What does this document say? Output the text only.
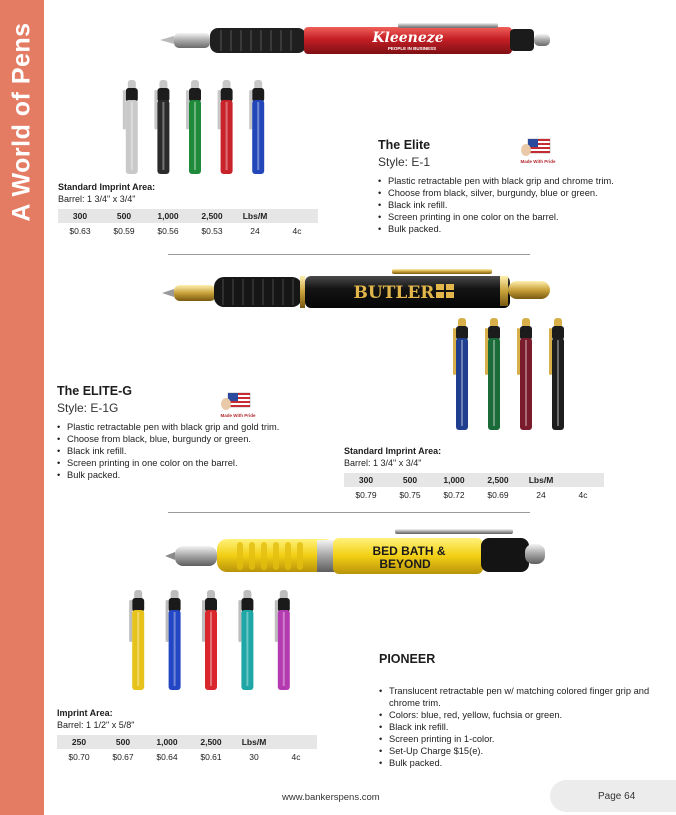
A World of Pens	Kleeneze
PEOPLE IN BUSINESS
The Elite
Style: E-1
• Plastic retractable pen with black grip and chrome trim.
• Choose from black, silver, burgundy, blue or green.
• Black ink refill.
• Screen printing in one color on the barrel.
• Bulk packed.
Made With Pride
Standard Imprint Area:
Barrel: 1 3/4" x 3/4"
300	500	1,000	2,500	Lbs/M	
$0.63	$0.59	$0.56	$0.53	24	4c
BUTLER
The ELITE-G
Style: E-1G
• Plastic retractable pen with black grip and gold trim.
• Choose from black, blue, burgundy or green.
• Black ink refill.
• Screen printing in one color on the barrel.
• Bulk packed.
Made With Pride
Standard Imprint Area:
Barrel: 1 3/4" x 3/4"
300	500	1,000	2,500	Lbs/M	
$0.79	$0.75	$0.72	$0.69	24	4c
BED BATH &
BEYOND
PIONEER
• Translucent retractable pen w/ matching colored finger grip and chrome trim.
• Colors: blue, red, yellow, fuchsia or green.
• Black ink refill.
• Screen printing in 1-color.
• Set-Up Charge $15(e).
• Bulk packed.
Imprint Area:
Barrel: 1 1/2" x 5/8"
250	500	1,000	2,500	Lbs/M	
$0.70	$0.67	$0.64	$0.61	30	4c
www.bankerspens.com	Page 64
